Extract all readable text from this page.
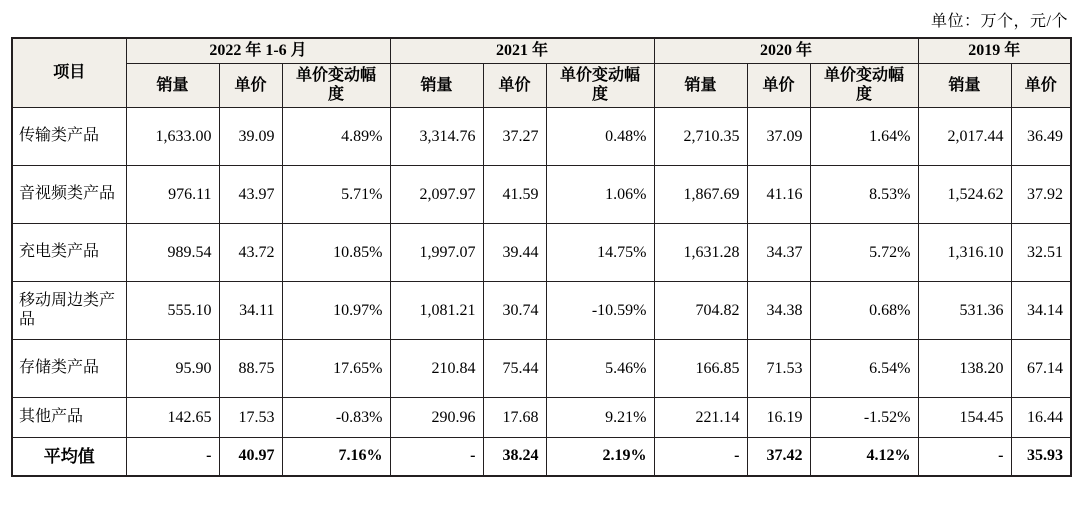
单位：万个，元/个
项目	2022 年 1-6 月			2021 年			2020 年			2019 年	
	销量	单价	单价变动幅度	销量	单价	单价变动幅度	销量	单价	单价变动幅度	销量	单价
传输类产品	1,633.00	39.09	4.89%	3,314.76	37.27	0.48%	2,710.35	37.09	1.64%	2,017.44	36.49
音视频类产品	976.11	43.97	5.71%	2,097.97	41.59	1.06%	1,867.69	41.16	8.53%	1,524.62	37.92
充电类产品	989.54	43.72	10.85%	1,997.07	39.44	14.75%	1,631.28	34.37	5.72%	1,316.10	32.51
移动周边类产品	555.10	34.11	10.97%	1,081.21	30.74	-10.59%	704.82	34.38	0.68%	531.36	34.14
存储类产品	95.90	88.75	17.65%	210.84	75.44	5.46%	166.85	71.53	6.54%	138.20	67.14
其他产品	142.65	17.53	-0.83%	290.96	17.68	9.21%	221.14	16.19	-1.52%	154.45	16.44
平均值	-	40.97	7.16%	-	38.24	2.19%	-	37.42	4.12%	-	35.93
